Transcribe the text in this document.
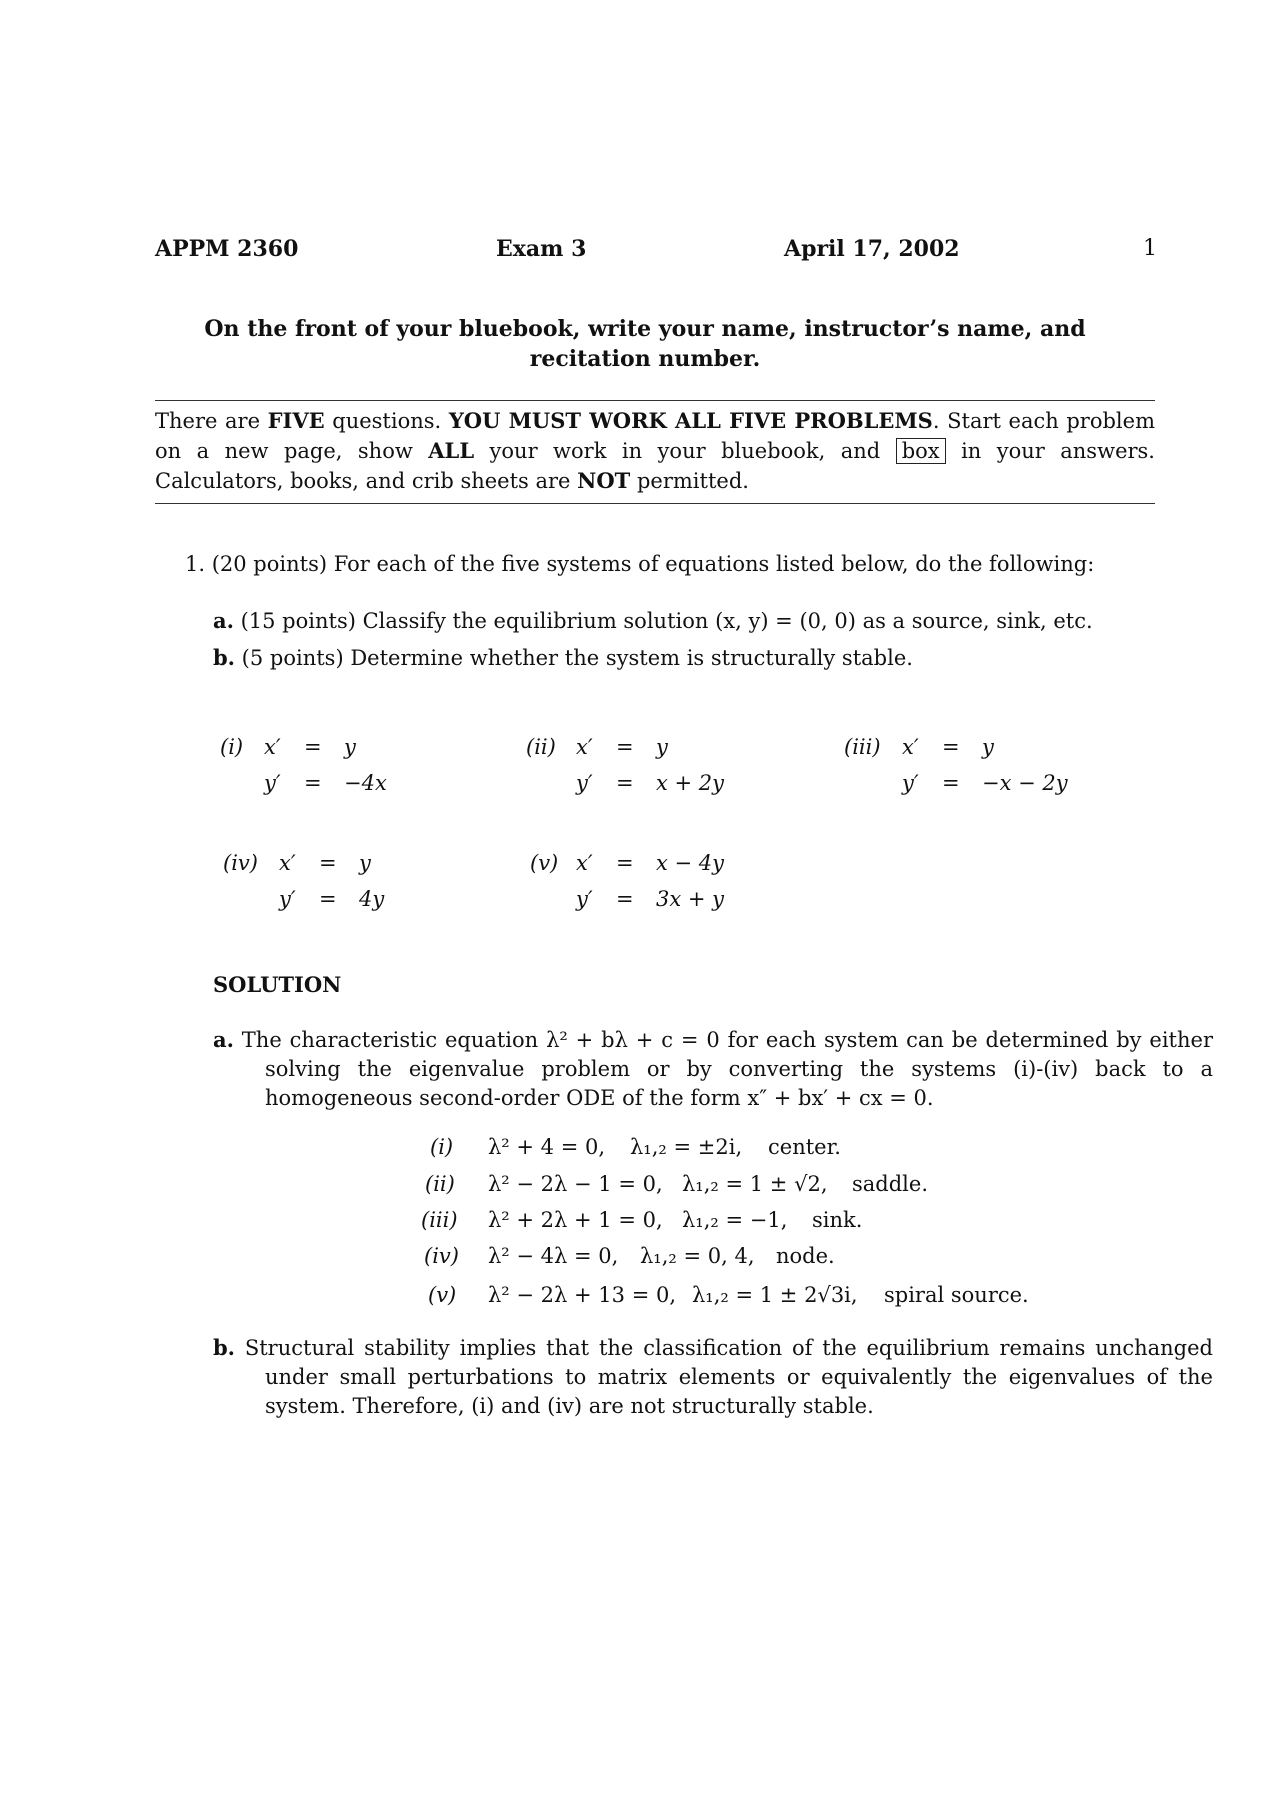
APPM 2360	Exam 3	April 17, 2002	1
On the front of your bluebook, write your name, instructor’s name, and recitation number.
There are FIVE questions. YOU MUST WORK ALL FIVE PROBLEMS. Start each problem on a new page, show ALL your work in your bluebook, and box in your answers. Calculators, books, and crib sheets are NOT permitted.
1. (20 points) For each of the five systems of equations listed below, do the following:
a. (15 points) Classify the equilibrium solution (x, y) = (0, 0) as a source, sink, etc.
b. (5 points) Determine whether the system is structurally stable.
(i) x′ = y
y′ = −4x
(ii) x′ = y
y′ = x + 2y
(iii) x′ = y
y′ = −x − 2y
(iv) x′ = y
y′ = 4y
(v) x′ = x − 4y
y′ = 3x + y
SOLUTION
a. The characteristic equation λ² + bλ + c = 0 for each system can be determined by either solving the eigenvalue problem or by converting the systems (i)-(iv) back to a homogeneous second-order ODE of the form x″ + bx′ + cx = 0.
(i) λ² + 4 = 0, λ₁,₂ = ±2i, center.
(ii) λ² − 2λ − 1 = 0, λ₁,₂ = 1 ± √2, saddle.
(iii) λ² + 2λ + 1 = 0, λ₁,₂ = −1, sink.
(iv) λ² − 4λ = 0, λ₁,₂ = 0, 4, node.
(v) λ² − 2λ + 13 = 0, λ₁,₂ = 1 ± 2√3i, spiral source.
b. Structural stability implies that the classification of the equilibrium remains unchanged under small perturbations to matrix elements or equivalently the eigenvalues of the system. Therefore, (i) and (iv) are not structurally stable.
